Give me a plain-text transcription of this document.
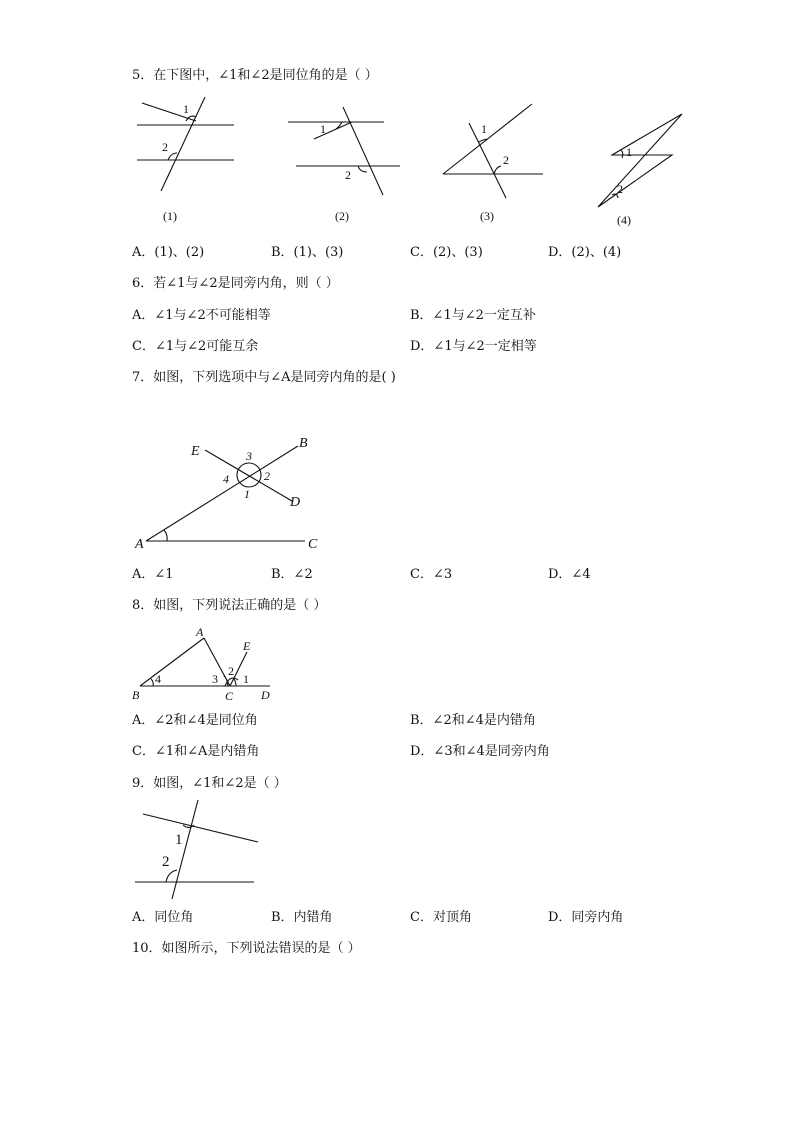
5．在下图中，∠1和∠2是同位角的是（ ）
1
2
(1)
1
2
(2)
1
2
(3)
1
2
(4)
A．(1)、(2)	B．(1)、(3)	C．(2)、(3)	D．(2)、(4)
6．若∠1与∠2是同旁内角，则（ ）
A．∠1与∠2不可能相等	B．∠1与∠2一定互补
C．∠1与∠2可能互余	D．∠1与∠2一定相等
7．如图，下列选项中与∠A是同旁内角的是( )
E
B
D
A	C
3
2
4
1
A．∠1	B．∠2	C．∠3	D．∠4
8．如图，下列说法正确的是（ ）
A
E
B	C D
4	3
2
1
A．∠2和∠4是同位角	B．∠2和∠4是内错角
C．∠1和∠A是内错角	D．∠3和∠4是同旁内角
9．如图，∠1和∠2是（ ）
1
2
A．同位角	B．内错角	C．对顶角	D．同旁内角
10．如图所示，下列说法错误的是（ ）
